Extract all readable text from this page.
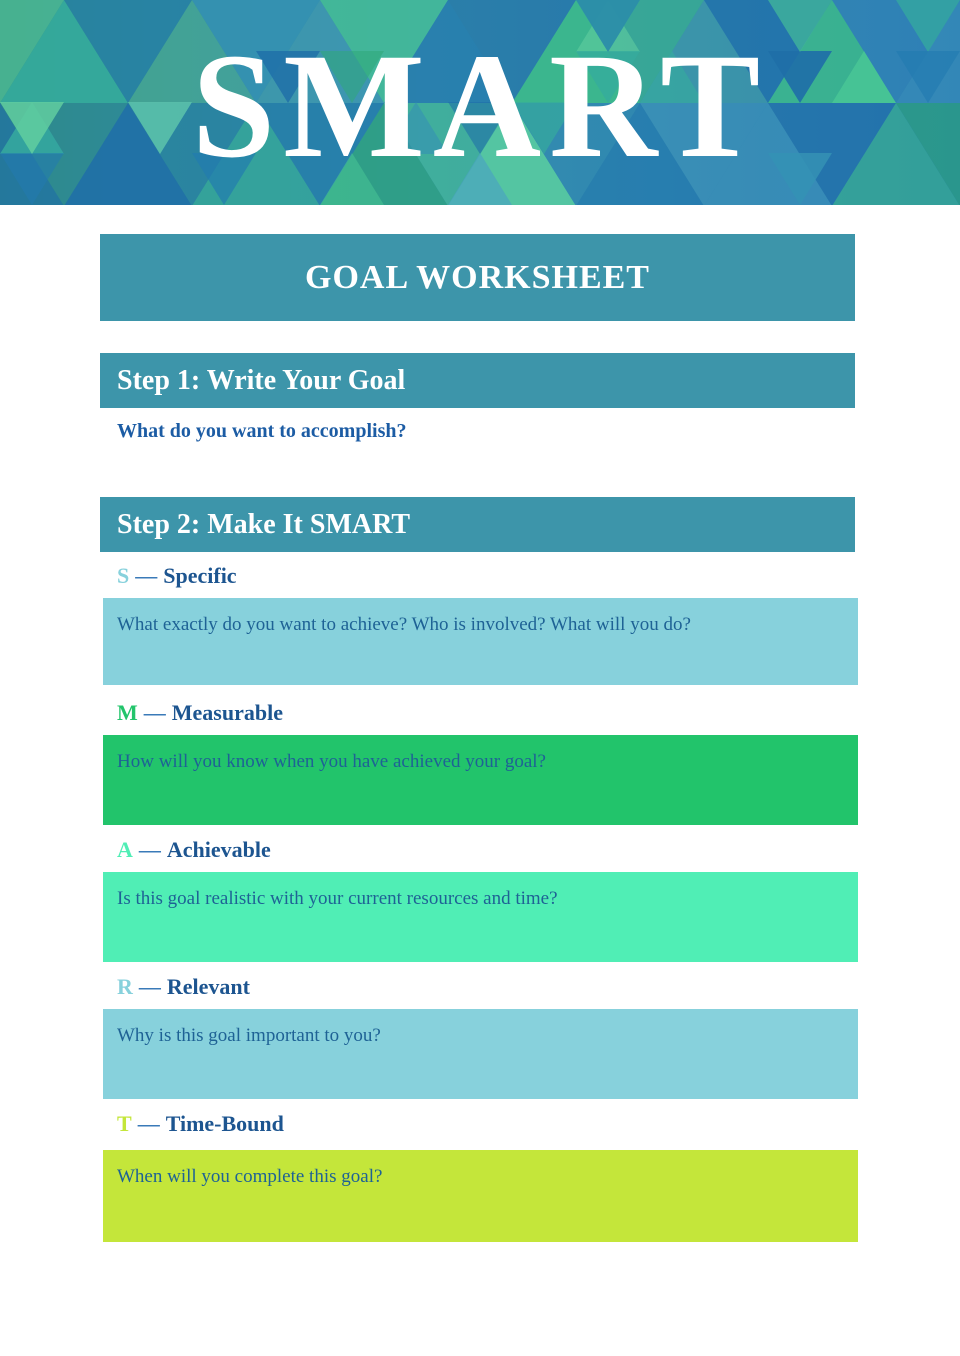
SMART
GOAL WORKSHEET
Step 1: Write Your Goal
What do you want to accomplish?
Step 2: Make It SMART
S — Specific

What exactly do you want to achieve? Who is involved? What will you do?

M — Measurable

How will you know when you have achieved your goal?

A — Achievable

Is this goal realistic with your current resources and time?

R — Relevant

Why is this goal important to you?

T — Time-Bound

When will you complete this goal?
